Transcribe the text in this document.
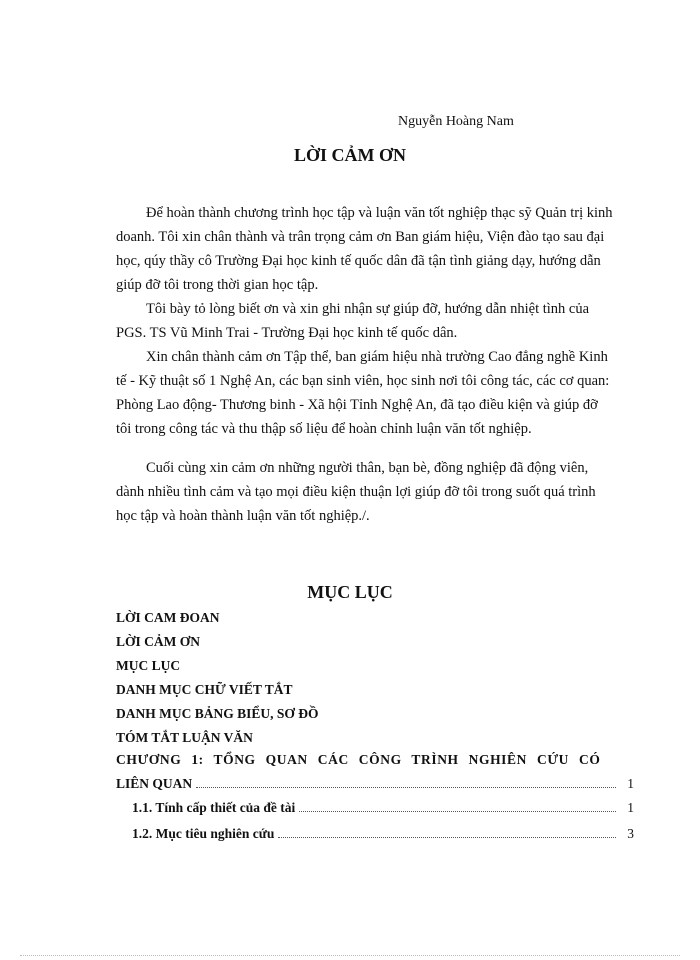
Nguyễn Hoàng Nam
LỜI CẢM ƠN
Để hoàn thành chương trình học tập và luận văn tốt nghiệp thạc sỹ Quản trị kinh
doanh. Tôi xin chân thành và trân trọng cảm ơn Ban giám hiệu, Viện đào tạo sau đại
học, qúy thầy cô Trường Đại học kinh tế quốc dân đã tận tình giảng dạy, hướng dẫn
giúp đỡ tôi trong thời gian học tập.
Tôi bày tỏ lòng biết ơn và xin ghi nhận sự giúp đỡ, hướng dẫn nhiệt tình của
PGS. TS Vũ Minh Trai - Trường Đại học kinh tế quốc dân.
Xin chân thành cảm ơn Tập thể, ban giám hiệu nhà trường Cao đẳng nghề Kinh
tế - Kỹ thuật số 1 Nghệ An, các bạn sinh viên, học sinh nơi tôi công tác, các cơ quan:
Phòng Lao động- Thương binh - Xã hội Tỉnh Nghệ An, đã tạo điều kiện và giúp đỡ
tôi trong công tác và thu thập số liệu để hoàn chỉnh luận văn tốt nghiệp.
Cuối cùng xin cảm ơn những người thân, bạn bè, đồng nghiệp đã động viên,
dành nhiều tình cảm và tạo mọi điều kiện thuận lợi giúp đỡ tôi trong suốt quá trình
học tập và hoàn thành luận văn tốt nghiệp./.
MỤC LỤC
LỜI CAM ĐOAN
LỜI CẢM ƠN
MỤC LỤC
DANH MỤC CHỮ VIẾT TẮT
DANH MỤC BẢNG BIỂU, SƠ ĐỒ
TÓM TẮT LUẬN VĂN
CHƯƠNG 1: TỔNG QUAN CÁC CÔNG TRÌNH NGHIÊN CỨU CÓ
LIÊN QUAN	1
1.1. Tính cấp thiết của đề tài	1
1.2. Mục tiêu nghiên cứu	3
